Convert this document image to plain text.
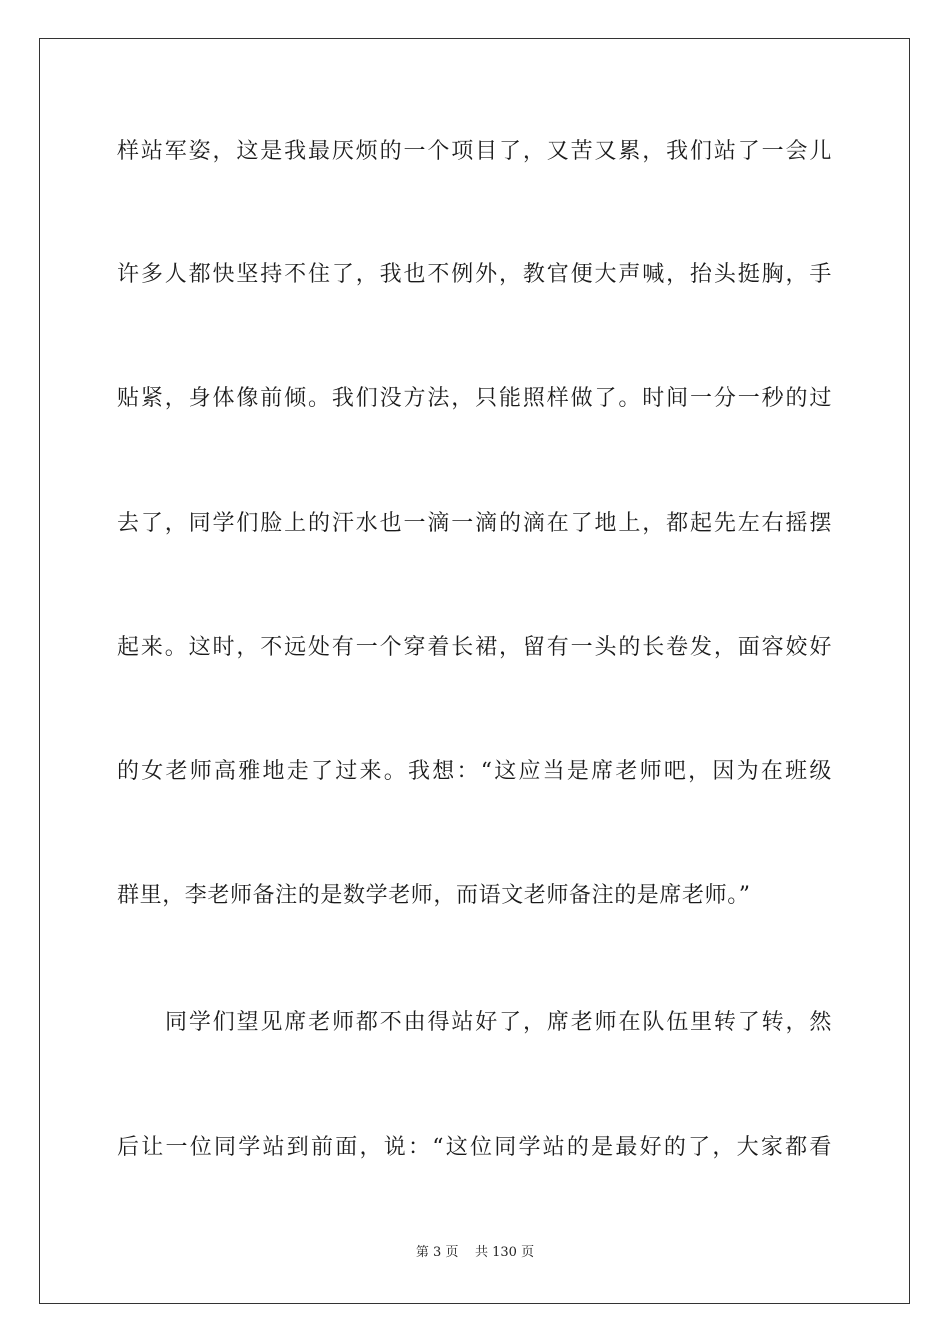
样站军姿，这是我最厌烦的一个项目了，又苦又累，我们站了一会儿
许多人都快坚持不住了，我也不例外，教官便大声喊，抬头挺胸，手
贴紧，身体像前倾。我们没方法，只能照样做了。时间一分一秒的过
去了，同学们脸上的汗水也一滴一滴的滴在了地上，都起先左右摇摆
起来。这时，不远处有一个穿着长裙，留有一头的长卷发，面容姣好
的女老师高雅地走了过来。我想：“这应当是席老师吧，因为在班级
群里，李老师备注的是数学老师，而语文老师备注的是席老师。”
同学们望见席老师都不由得站好了，席老师在队伍里转了转，然
后让一位同学站到前面，说：“这位同学站的是最好的了，大家都看
第 3 页 共 130 页
